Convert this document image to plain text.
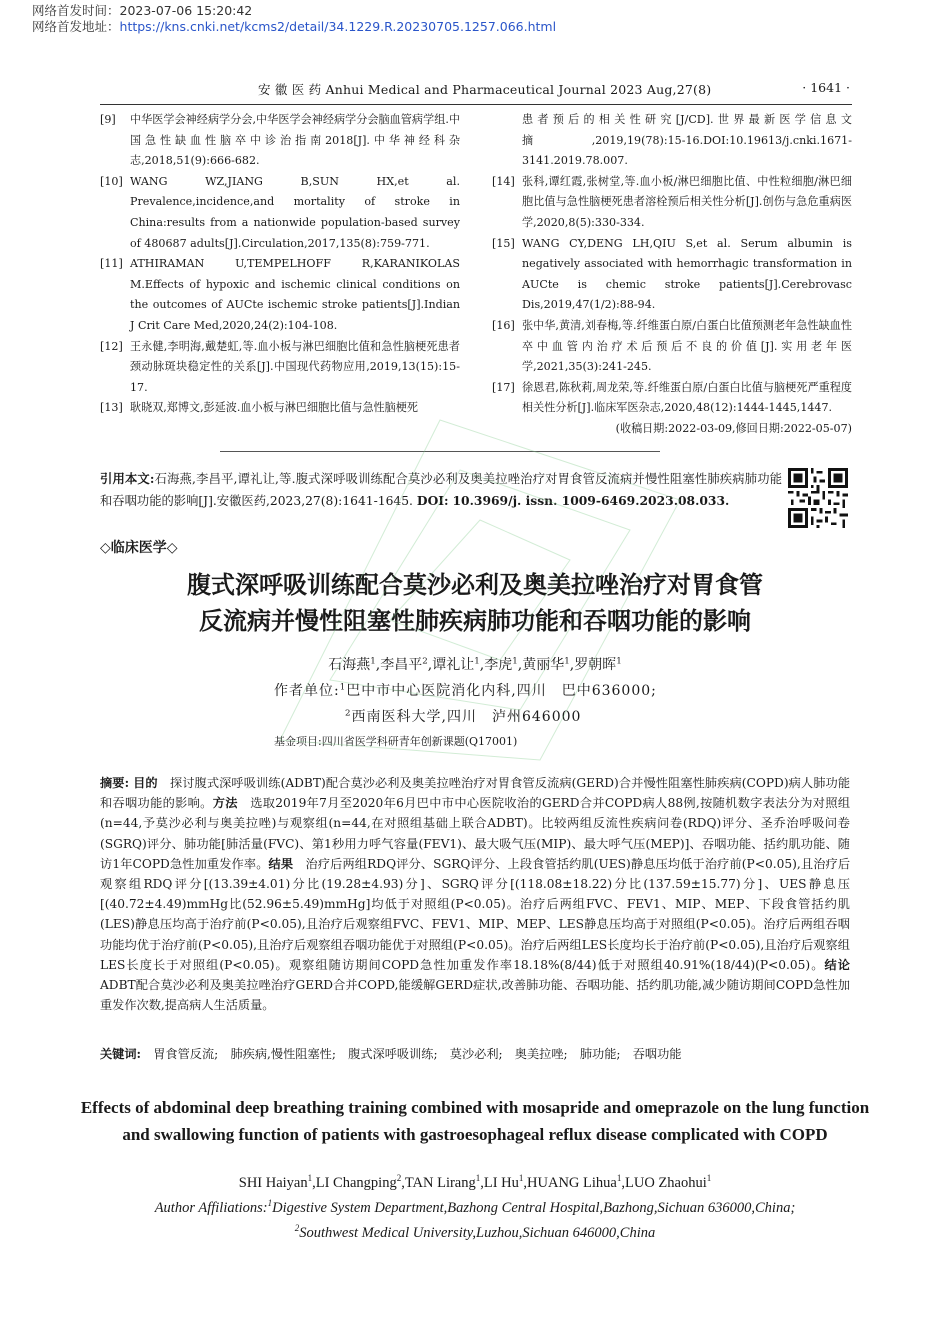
网络首发时间：2023-07-06 15:20:42
网络首发地址：https://kns.cnki.net/kcms2/detail/34.1229.R.20230705.1257.066.html
安 徽 医 药 Anhui Medical and Pharmaceutical Journal 2023 Aug,27(8)	· 1641 ·
[9]	中华医学会神经病学分会,中华医学会神经病学分会脑血管病学组.中国急性缺血性脑卒中诊治指南2018[J].中华神经科杂志,2018,51(9):666-682.
[10] WANG WZ,JIANG B,SUN HX,et al. Prevalence,incidence,and mortality of stroke in China:results from a nationwide population-based survey of 480687 adults[J].Circulation,2017,135(8):759-771.
[11] ATHIRAMAN U,TEMPELHOFF R,KARANIKOLAS M.Effects of hypoxic and ischemic clinical conditions on the outcomes of AUCte ischemic stroke patients[J].Indian J Crit Care Med,2020,24(2):104-108.
[12] 王永健,李明海,戴楚虹,等.血小板与淋巴细胞比值和急性脑梗死患者颈动脉斑块稳定性的关系[J].中国现代药物应用,2019,13(15):15-17.
[13] 耿晓双,郑博文,彭延波.血小板与淋巴细胞比值与急性脑梗死
患者预后的相关性研究[J/CD].世界最新医学信息文摘,2019,19(78):15-16.DOI:10.19613/j.cnki.1671-3141.2019.78.007.
[14] 张科,谭红霞,张树堂,等.血小板/淋巴细胞比值、中性粒细胞/淋巴细胞比值与急性脑梗死患者溶栓预后相关性分析[J].创伤与急危重病医学,2020,8(5):330-334.
[15] WANG CY,DENG LH,QIU S,et al. Serum albumin is negatively associated with hemorrhagic transformation in AUCte is chemic stroke patients[J].Cerebrovasc Dis,2019,47(1/2):88-94.
[16] 张中华,黄清,刘春梅,等.纤维蛋白原/白蛋白比值预测老年急性缺血性卒中血管内治疗术后预后不良的价值[J].实用老年医学,2021,35(3):241-245.
[17] 徐恩君,陈秋莉,周龙荣,等.纤维蛋白原/白蛋白比值与脑梗死严重程度相关性分析[J].临床军医杂志,2020,48(12):1444-1445,1447.
(收稿日期:2022-03-09,修回日期:2022-05-07)
引用本文:石海燕,李昌平,谭礼让,等.腹式深呼吸训练配合莫沙必利及奥美拉唑治疗对胃食管反流病并慢性阻塞性肺疾病肺功能和吞咽功能的影响[J].安徽医药,2023,27(8):1641-1645. DOI: 10.3969/j. issn. 1009-6469.2023.08.033.
◇临床医学◇
腹式深呼吸训练配合莫沙必利及奥美拉唑治疗对胃食管
反流病并慢性阻塞性肺疾病肺功能和吞咽功能的影响
石海燕$^1$,李昌平$^2$,谭礼让$^1$,李虎$^1$,黄丽华$^1$,罗朝晖$^1$
作者单位:$^1$巴中市中心医院消化内科,四川　巴中636000;
$^2$西南医科大学,四川　泸州646000
基金项目:四川省医学科研青年创新课题(Q17001)
摘要: 目的　 探讨腹式深呼吸训练(ADBT)配合莫沙必利及奥美拉唑治疗对胃食管反流病(GERD)合并慢性阻塞性肺疾病(COPD)病人肺功能和吞咽功能的影响。方法　 选取2019年7月至2020年6月巴中市中心医院收治的GERD合并COPD病人88例,按随机数字表法分为对照组(n=44,予莫沙必利与奥美拉唑)与观察组(n=44,在对照组基础上联合ADBT)。比较两组反流性疾病问卷(RDQ)评分、圣乔治呼吸问卷(SGRQ)评分、肺功能[肺活量(FVC)、第1秒用力呼气容量(FEV1)、最大吸气压(MIP)、最大呼气压(MEP)]、吞咽功能、括约肌功能、随访1年COPD急性加重发作率。结果　 治疗后两组RDQ评分、SGRQ评分、上段食管括约肌(UES)静息压均低于治疗前(P<0.05),且治疗后观察组RDQ评分[(13.39±4.01)分比(19.28±4.93)分]、SGRQ评分[(118.08±18.22)分比(137.59±15.77)分]、UES静息压[(40.72±4.49)mmHg比(52.96±5.49)mmHg]均低于对照组(P<0.05)。治疗后两组FVC、FEV1、MIP、MEP、下段食管括约肌(LES)静息压均高于治疗前(P<0.05),且治疗后观察组FVC、FEV1、MIP、MEP、LES静息压均高于对照组(P<0.05)。治疗后两组吞咽功能均优于治疗前(P<0.05),且治疗后观察组吞咽功能优于对照组(P<0.05)。治疗后两组LES长度均长于治疗前(P<0.05),且治疗后观察组LES长度长于对照组(P<0.05)。观察组随访期间COPD急性加重发作率18.18%(8/44)低于对照组40.91%(18/44)(P<0.05)。结论　ADBT配合莫沙必利及奥美拉唑治疗GERD合并COPD,能缓解GERD症状,改善肺功能、吞咽功能、括约肌功能,减少随访期间COPD急性加重发作次数,提高病人生活质量。
关键词:　 胃食管反流;　肺疾病,慢性阻塞性;　腹式深呼吸训练;　莫沙必利;　奥美拉唑;　肺功能;　吞咽功能
Effects of abdominal deep breathing training combined with mosapride and omeprazole on the lung function and swallowing function of patients with gastroesophageal reflux disease complicated with COPD
SHI Haiyan$^1$,LI Changping$^2$,TAN Lirang$^1$,LI Hu$^1$,HUANG Lihua$^1$,LUO Zhaohui$^1$
Author Affiliations:$^1$Digestive System Department,Bazhong Central Hospital,Bazhong,Sichuan 636000,China;
$^2$Southwest Medical University,Luzhou,Sichuan 646000,China
